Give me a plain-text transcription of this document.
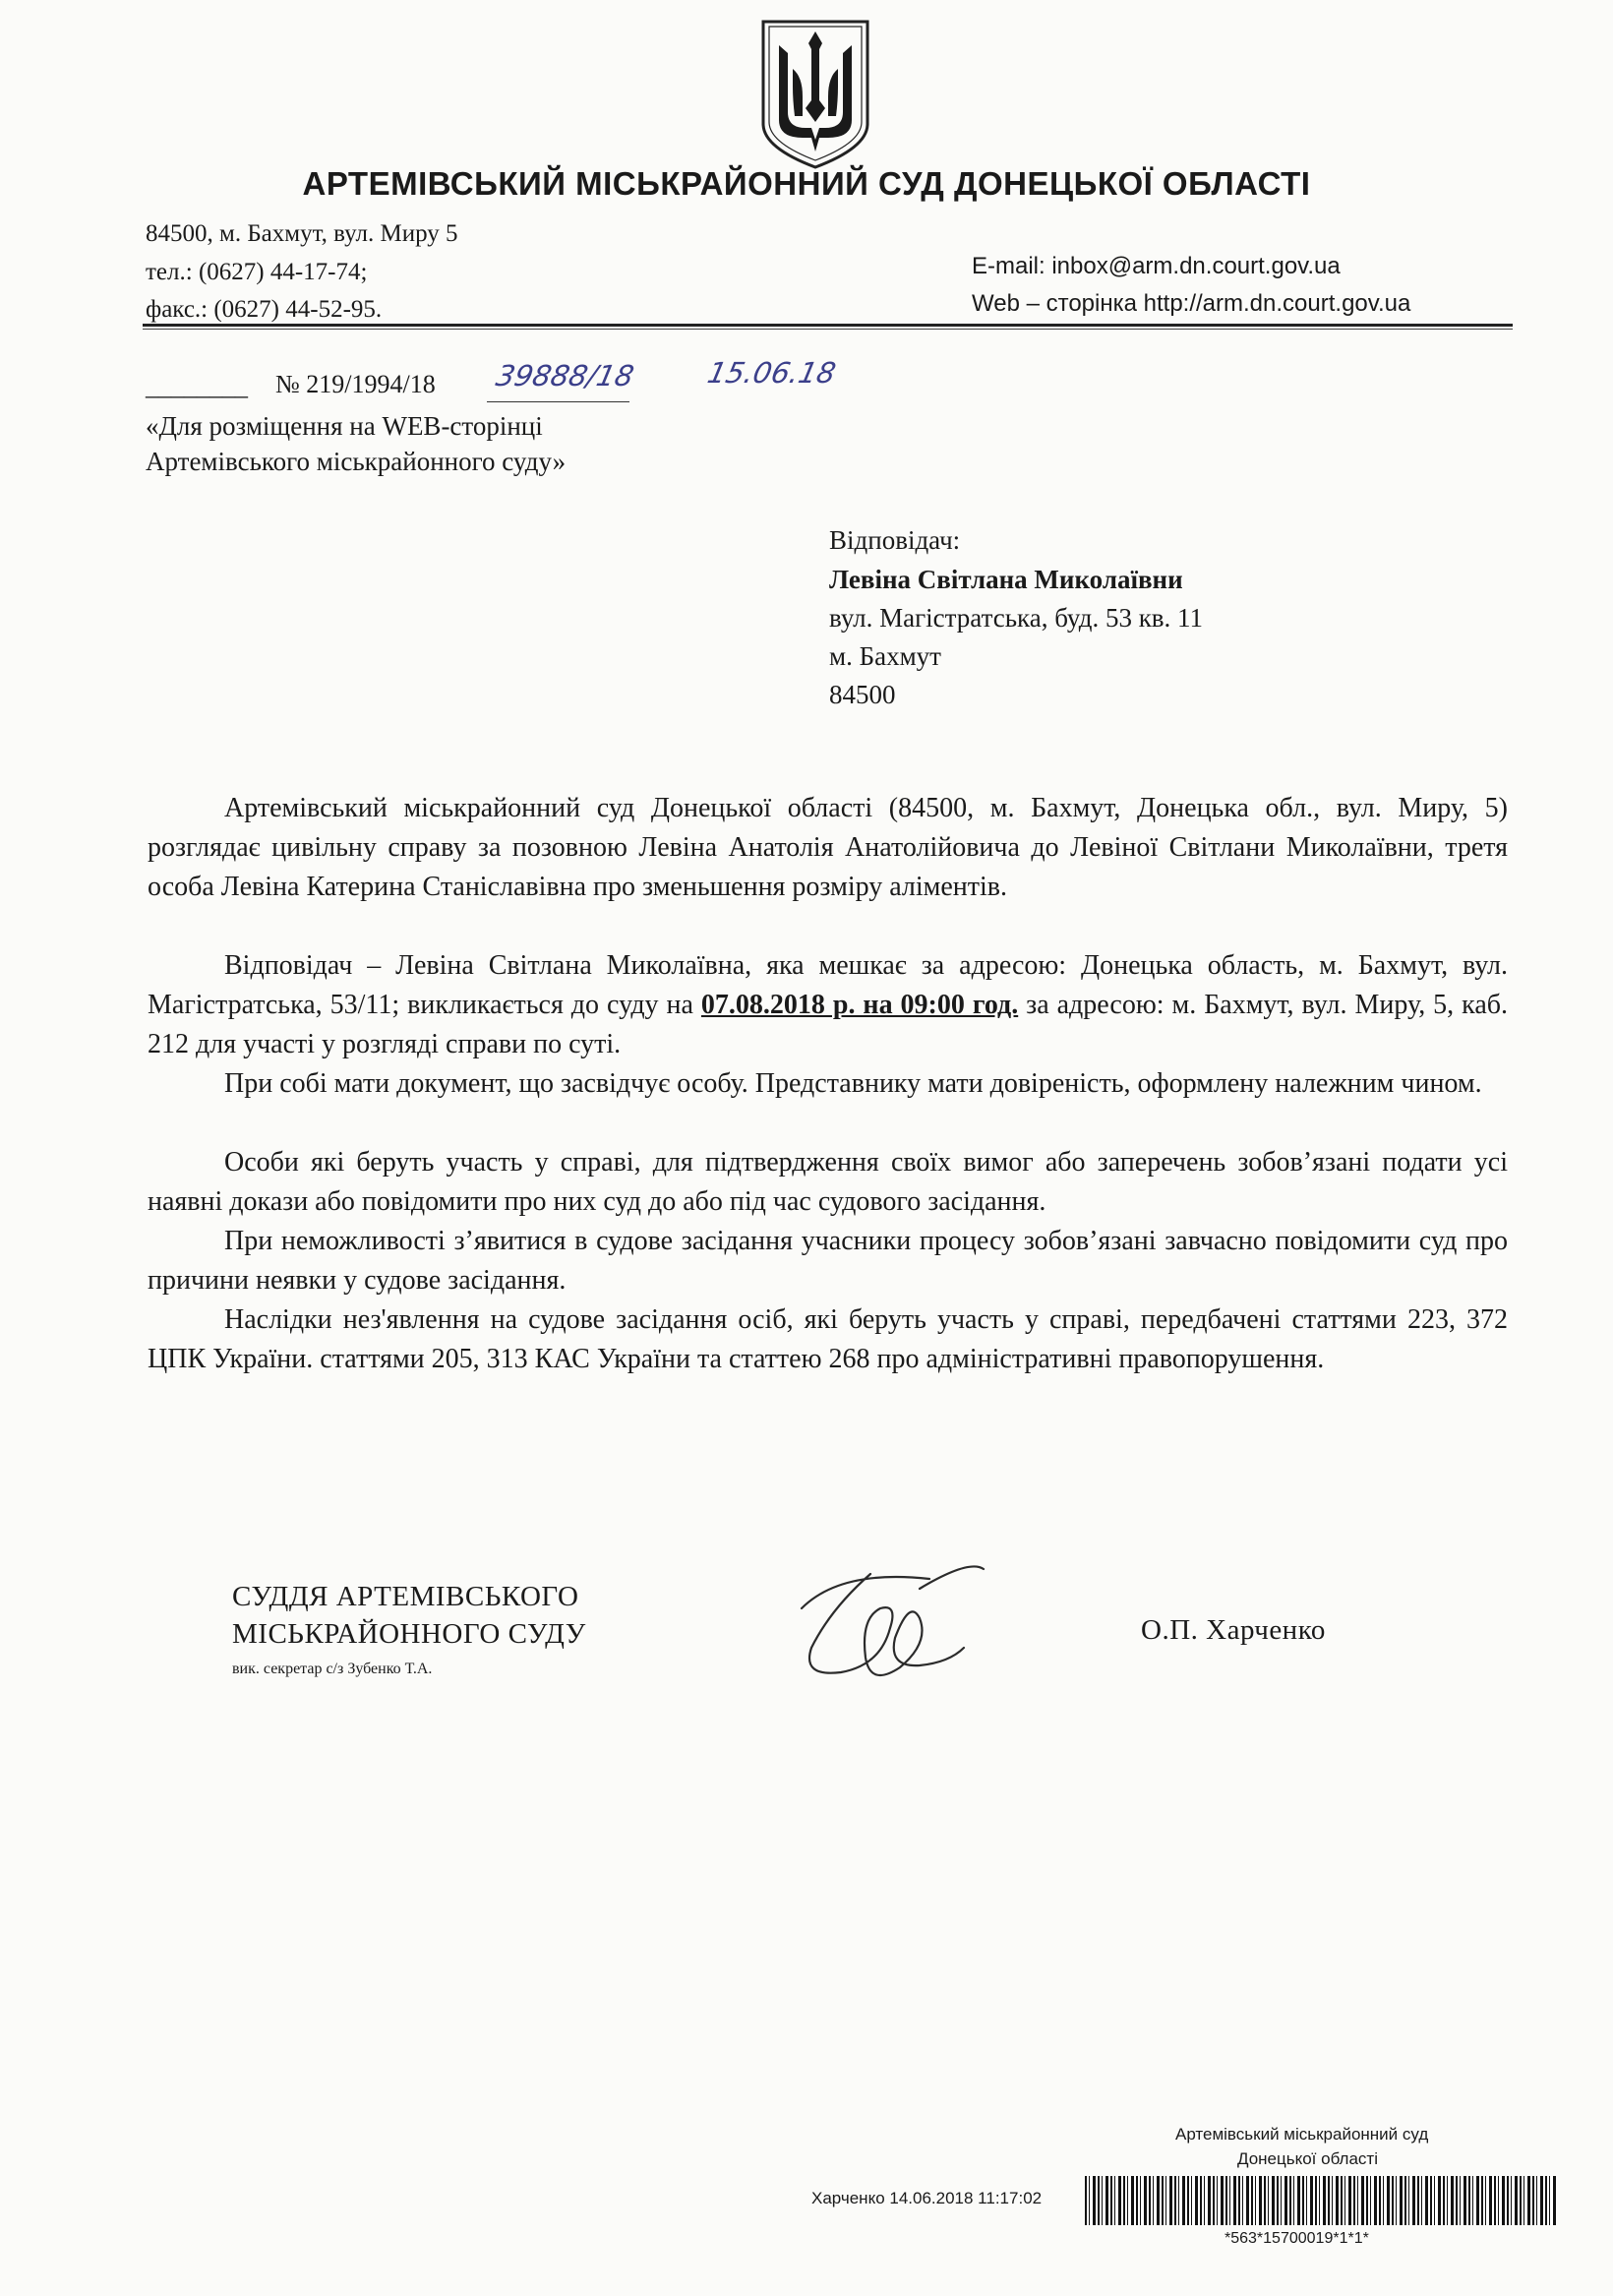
АРТЕМІВСЬКИЙ МІСЬКРАЙОННИЙ СУД ДОНЕЦЬКОЇ ОБЛАСТІ
84500, м. Бахмут, вул. Миру 5
тел.: (0627) 44-17-74;
факс.: (0627) 44-52-95.
E-mail: inbox@arm.dn.court.gov.ua
Web – сторінка http://arm.dn.court.gov.ua
________ № 219/1994/18 39888/18 15.06.18
«Для розміщення на WEB-сторінці
Артемівського міськрайонного суду»
Відповідач:
Левіна Світлана Миколаївни
вул. Магістратська, буд. 53 кв. 11
м. Бахмут
84500

Артемівський міськрайонний суд Донецької області (84500, м. Бахмут, Донецька обл., вул. Миру, 5) розглядає цивільну справу за позовною Левіна Анатолія Анатолійовича до Левіної Світлани Миколаївни, третя особа Левіна Катерина Станіславівна про зменьшення розміру аліментів.

Відповідач – Левіна Світлана Миколаївна, яка мешкає за адресою: Донецька область, м. Бахмут, вул. Магістратська, 53/11; викликається до суду на 07.08.2018 р. на 09:00 год. за адресою: м. Бахмут, вул. Миру, 5, каб. 212 для участі у розгляді справи по суті.

При собі мати документ, що засвідчує особу. Представнику мати довіреність, оформлену належним чином.

Особи які беруть участь у справі, для підтвердження своїх вимог або заперечень зобов’язані подати усі наявні докази або повідомити про них суд до або під час судового засідання.

При неможливості з’явитися в судове засідання учасники процесу зобов’язані завчасно повідомити суд про причини неявки у судове засідання.

Наслідки нез'явлення на судове засідання осіб, які беруть участь у справі, передбачені статтями 223, 372 ЦПК України. статтями 205, 313 КАС України та статтею 268 про адміністративні правопорушення.

СУДДЯ АРТЕМІВСЬКОГО
МІСЬКРАЙОННОГО СУДУ
вик. секретар с/з Зубенко Т.А.
О.П. Харченко
Артемівський міськрайонний суд
Донецької області
Харченко 14.06.2018 11:17:02
*563*15700019*1*1*
